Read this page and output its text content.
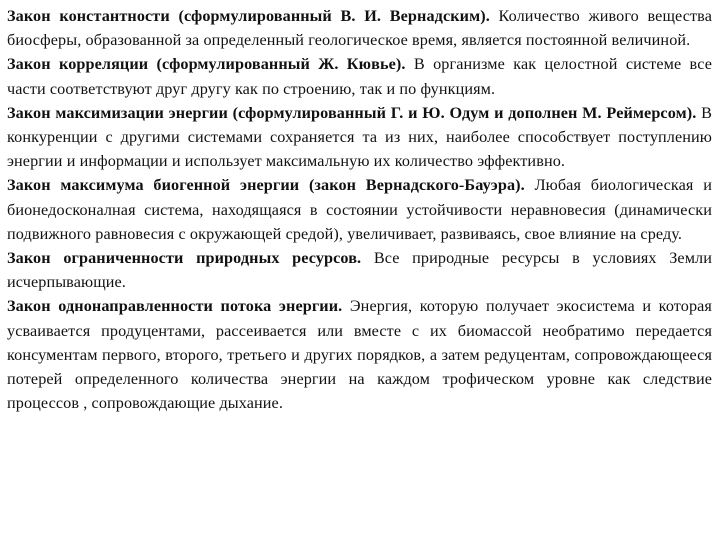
Закон константности (сформулированный В. И. Вернадским). Количество живого вещества биосферы, образованной за определенный геологическое время, является постоянной величиной.

Закон корреляции (сформулированный Ж. Кювье). В организме как целостной системе все части соответствуют друг другу как по строению, так и по функциям.

Закон максимизации энергии (сформулированный Г. и Ю. Одум и дополнен М. Реймерсом). В конкуренции с другими системами сохраняется та из них, наиболее способствует поступлению энергии и информации и использует максимальную их количество эффективно.

Закон максимума биогенной энергии (закон Вернадского-Бауэра). Любая биологическая и бионедосконалная система, находящаяся в состоянии устойчивости неравновесия (динамически подвижного равновесия с окружающей средой), увеличивает, развиваясь, свое влияние на среду.

Закон ограниченности природных ресурсов. Все природные ресурсы в условиях Земли исчерпывающие.

Закон однонаправленности потока энергии. Энергия, которую получает экосистема и которая усваивается продуцентами, рассеивается или вместе с их биомассой необратимо передается консументам первого, второго, третьего и других порядков, а затем редуцентам, сопровождающееся потерей определенного количества энергии на каждом трофическом уровне как следствие процессов , сопровождающие дыхание.
